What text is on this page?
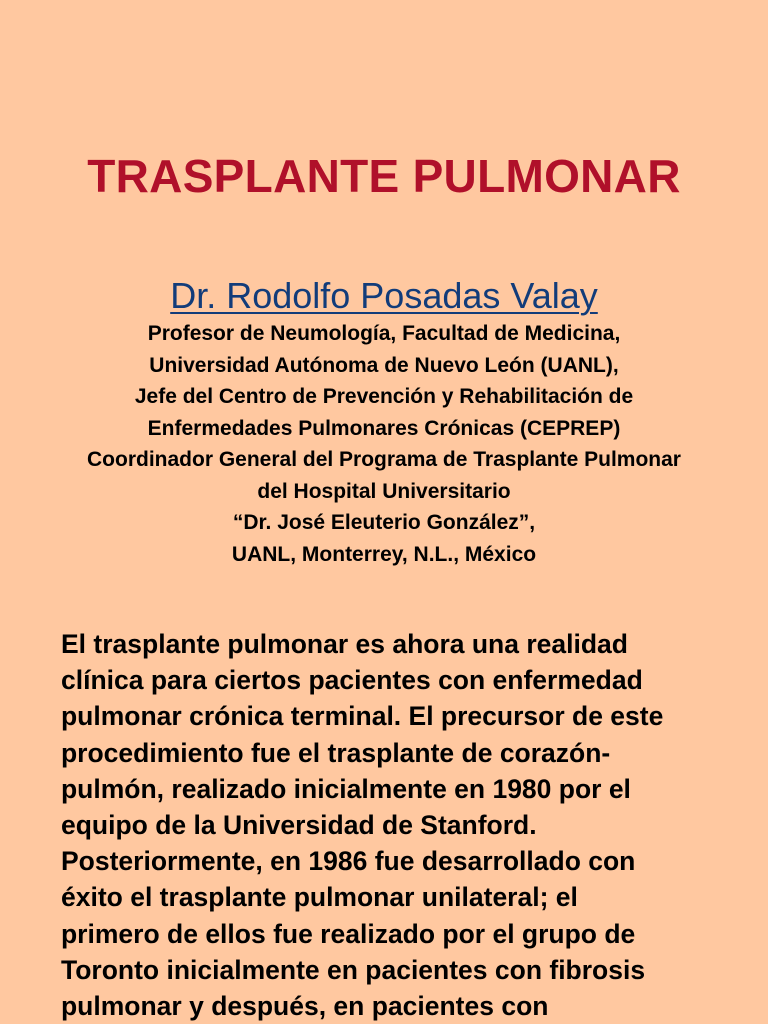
TRASPLANTE PULMONAR
Dr. Rodolfo Posadas Valay
Profesor de Neumología, Facultad de Medicina,
Universidad Autónoma de Nuevo León (UANL),
Jefe del Centro de Prevención y Rehabilitación de
Enfermedades Pulmonares Crónicas (CEPREP)
Coordinador General del Programa de Trasplante Pulmonar
del Hospital Universitario
“Dr. José Eleuterio González”,
UANL, Monterrey, N.L., México
El trasplante pulmonar es ahora una realidad
clínica para ciertos pacientes con enfermedad
pulmonar crónica terminal. El precursor de este
procedimiento fue el trasplante de corazón-
pulmón, realizado inicialmente en 1980 por el
equipo de la Universidad de Stanford.
Posteriormente, en 1986 fue desarrollado con
éxito el trasplante pulmonar unilateral; el
primero de ellos fue realizado por el grupo de
Toronto inicialmente en pacientes con fibrosis
pulmonar y después, en pacientes con
